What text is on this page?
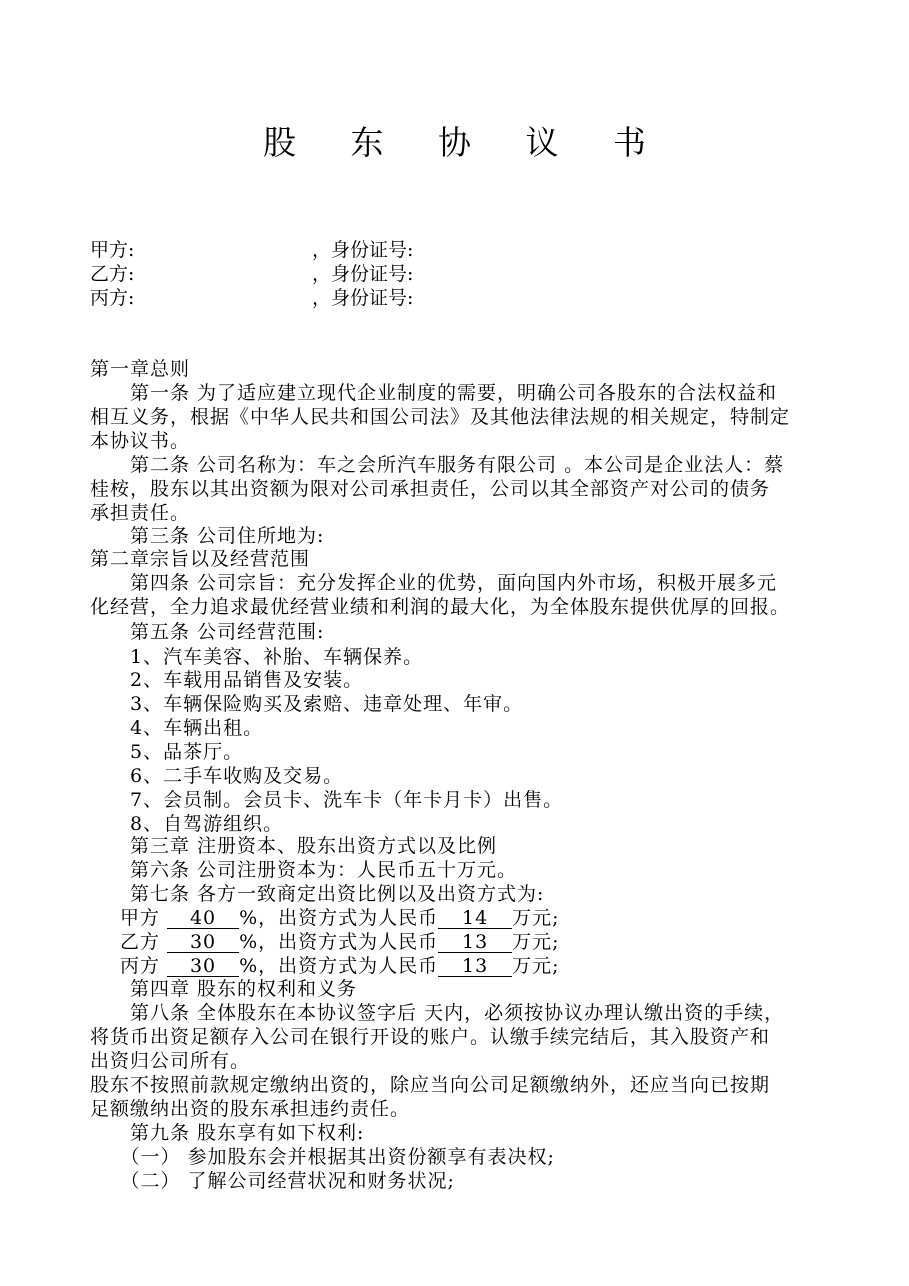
股 东 协 议 书
甲方:	，身份证号:
乙方:	，身份证号:
丙方:	，身份证号:
第一章总则
　　第一条 为了适应建立现代企业制度的需要，明确公司各股东的合法权益和
相互义务，根据《中华人民共和国公司法》及其他法律法规的相关规定，特制定
本协议书。
　　第二条 公司名称为：车之会所汽车服务有限公司 。本公司是企业法人：蔡
桂桉，股东以其出资额为限对公司承担责任，公司以其全部资产对公司的债务
承担责任。
　　第三条 公司住所地为:
第二章宗旨以及经营范围
　　第四条 公司宗旨：充分发挥企业的优势，面向国内外市场，积极开展多元
化经营，全力追求最优经营业绩和利润的最大化，为全体股东提供优厚的回报。
　　第五条 公司经营范围:
　　1、汽车美容、补胎、车辆保养。
　　2、车载用品销售及安装。
　　3、车辆保险购买及索赔、违章处理、年审。
　　4、车辆出租。
　　5、品茶厅。
　　6、二手车收购及交易。
　　7、会员制。会员卡、洗车卡（年卡月卡）出售。
　　8、自驾游组织。
　　第三章 注册资本、股东出资方式以及比例
　　第六条 公司注册资本为：人民币五十万元。
　　第七条 各方一致商定出资比例以及出资方式为:
甲方 40 %，出资方式为人民币 14 万元;
乙方 30 %，出资方式为人民币 13 万元;
丙方 30 %，出资方式为人民币 13 万元;
　　第四章 股东的权利和义务
　　第八条 全体股东在本协议签字后 天内，必须按协议办理认缴出资的手续，
将货币出资足额存入公司在银行开设的账户。认缴手续完结后，其入股资产和
出资归公司所有。
股东不按照前款规定缴纳出资的，除应当向公司足额缴纳外，还应当向已按期
足额缴纳出资的股东承担违约责任。
　　第九条 股东享有如下权利:
　　（一） 参加股东会并根据其出资份额享有表决权;
　　（二） 了解公司经营状况和财务状况;
